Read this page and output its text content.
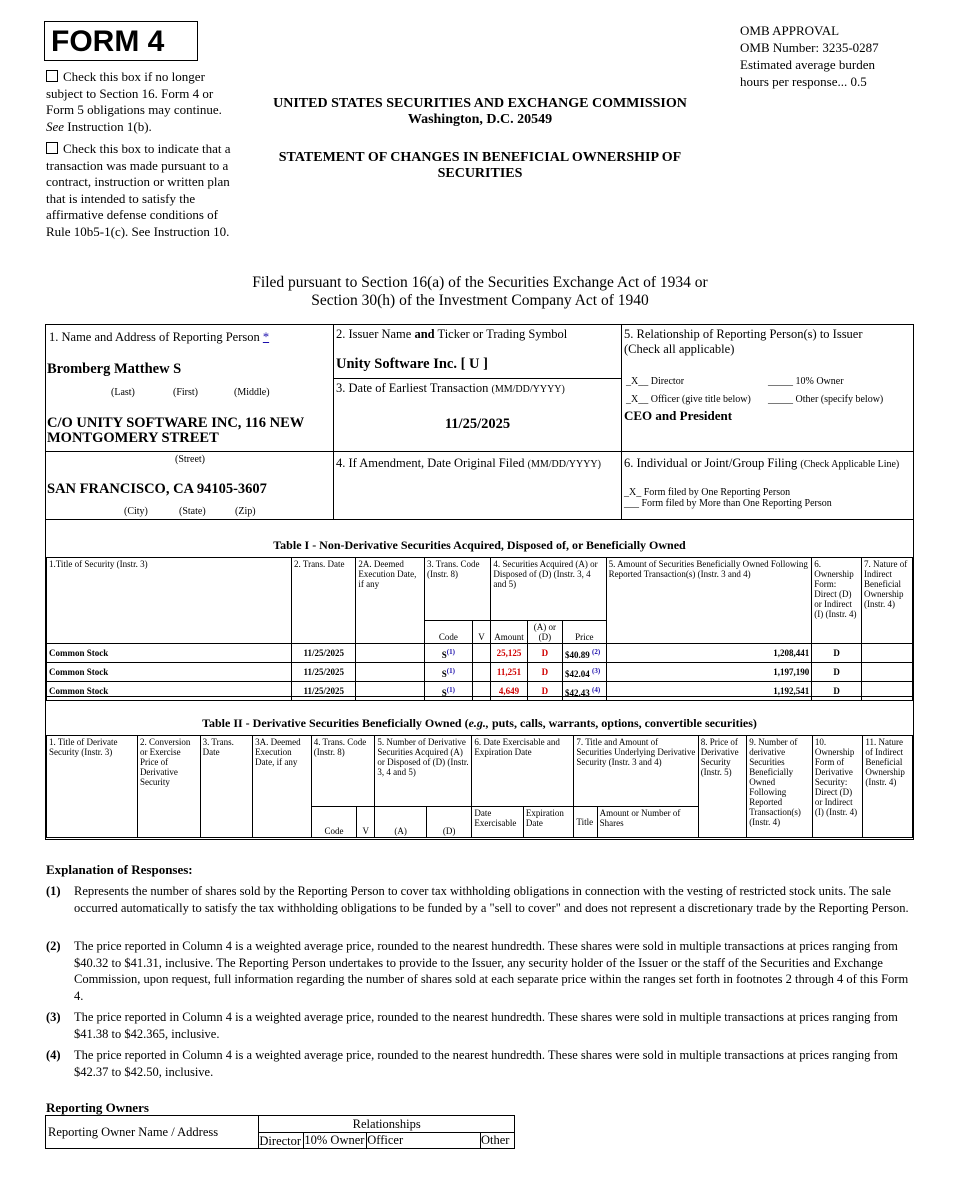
FORM 4	OMB APPROVAL
OMB Number: 3235-0287
Estimated average burden
hours per response... 0.5
Check this box if no longer subject to Section 16. Form 4 or Form 5 obligations may continue. See Instruction 1(b).
Check this box to indicate that a transaction was made pursuant to a contract, instruction or written plan that is intended to satisfy the affirmative defense conditions of Rule 10b5-1(c). See Instruction 10.
UNITED STATES SECURITIES AND EXCHANGE COMMISSION
Washington, D.C. 20549
STATEMENT OF CHANGES IN BENEFICIAL OWNERSHIP OF SECURITIES
Filed pursuant to Section 16(a) of the Securities Exchange Act of 1934 or
Section 30(h) of the Investment Company Act of 1940
1. Name and Address of Reporting Person *
Bromberg Matthew S
(Last)	(First)	(Middle)
C/O UNITY SOFTWARE INC, 116 NEW MONTGOMERY STREET
(Street)
SAN FRANCISCO, CA 94105-3607
(City)	(State)	(Zip)
2. Issuer Name and Ticker or Trading Symbol
Unity Software Inc. [ U ]
3. Date of Earliest Transaction (MM/DD/YYYY)
11/25/2025
4. If Amendment, Date Original Filed (MM/DD/YYYY)
5. Relationship of Reporting Person(s) to Issuer
(Check all applicable)
_X__ Director	_____ 10% Owner
_X__ Officer (give title below) _____ Other (specify below)
CEO and President
6. Individual or Joint/Group Filing (Check Applicable Line)
_X_ Form filed by One Reporting Person
___ Form filed by More than One Reporting Person
Table I - Non-Derivative Securities Acquired, Disposed of, or Beneficially Owned
1.Title of Security (Instr. 3)	2. Trans. Date	2A. Deemed Execution Date, if any	3. Trans. Code (Instr. 8)		4. Securities Acquired (A) or Disposed of (D) (Instr. 3, 4 and 5)			5. Amount of Securities Beneficially Owned Following Reported Transaction(s) (Instr. 3 and 4)	6. Ownership Form: Direct (D) or Indirect (I) (Instr. 4)	7. Nature of Indirect Beneficial Ownership (Instr. 4)
			Code	V	Amount	(A) or (D)	Price			
Common Stock	11/25/2025		$S^{(1)}$		25,125	D	$40.89 $^{(2)}$	1,208,441	D	
Common Stock	11/25/2025		$S^{(1)}$		11,251	D	$42.04 $^{(3)}$	1,197,190	D	
Common Stock	11/25/2025		$S^{(1)}$		4,649	D	$42.43 $^{(4)}$	1,192,541	D	
Table II - Derivative Securities Beneficially Owned (e.g., puts, calls, warrants, options, convertible securities)
1. Title of Derivate Security (Instr. 3)	2. Conversion or Exercise Price of Derivative Security	3. Trans. Date	3A. Deemed Execution Date, if any	4. Trans. Code (Instr. 8)		5. Number of Derivative Securities Acquired (A) or Disposed of (D) (Instr. 3, 4 and 5)		6. Date Exercisable and Expiration Date		7. Title and Amount of Securities Underlying Derivative Security (Instr. 3 and 4)		8. Price of Derivative Security (Instr. 5)	9. Number of derivative Securities Beneficially Owned Following Reported Transaction(s) (Instr. 4)	10. Ownership Form of Derivative Security: Direct (D) or Indirect (I) (Instr. 4)	11. Nature of Indirect Beneficial Ownership (Instr. 4)
				Code	V	(A)	(D)	Date Exercisable	Expiration Date	Title	Amount or Number of Shares				
Explanation of Responses:
(1) Represents the number of shares sold by the Reporting Person to cover tax withholding obligations in connection with the vesting of restricted stock units. The sale occurred automatically to satisfy the tax withholding obligations to be funded by a "sell to cover" and does not represent a discretionary trade by the Reporting Person.
(2) The price reported in Column 4 is a weighted average price, rounded to the nearest hundredth. These shares were sold in multiple transactions at prices ranging from $40.32 to $41.31, inclusive. The Reporting Person undertakes to provide to the Issuer, any security holder of the Issuer or the staff of the Securities and Exchange Commission, upon request, full information regarding the number of shares sold at each separate price within the ranges set forth in footnotes 2 through 4 of this Form 4.
(3) The price reported in Column 4 is a weighted average price, rounded to the nearest hundredth. These shares were sold in multiple transactions at prices ranging from $41.38 to $42.365, inclusive.
(4) The price reported in Column 4 is a weighted average price, rounded to the nearest hundredth. These shares were sold in multiple transactions at prices ranging from $42.37 to $42.50, inclusive.
Reporting Owners
Reporting Owner Name / Address	Relationships			
	Director	10% Owner	Officer	Other
